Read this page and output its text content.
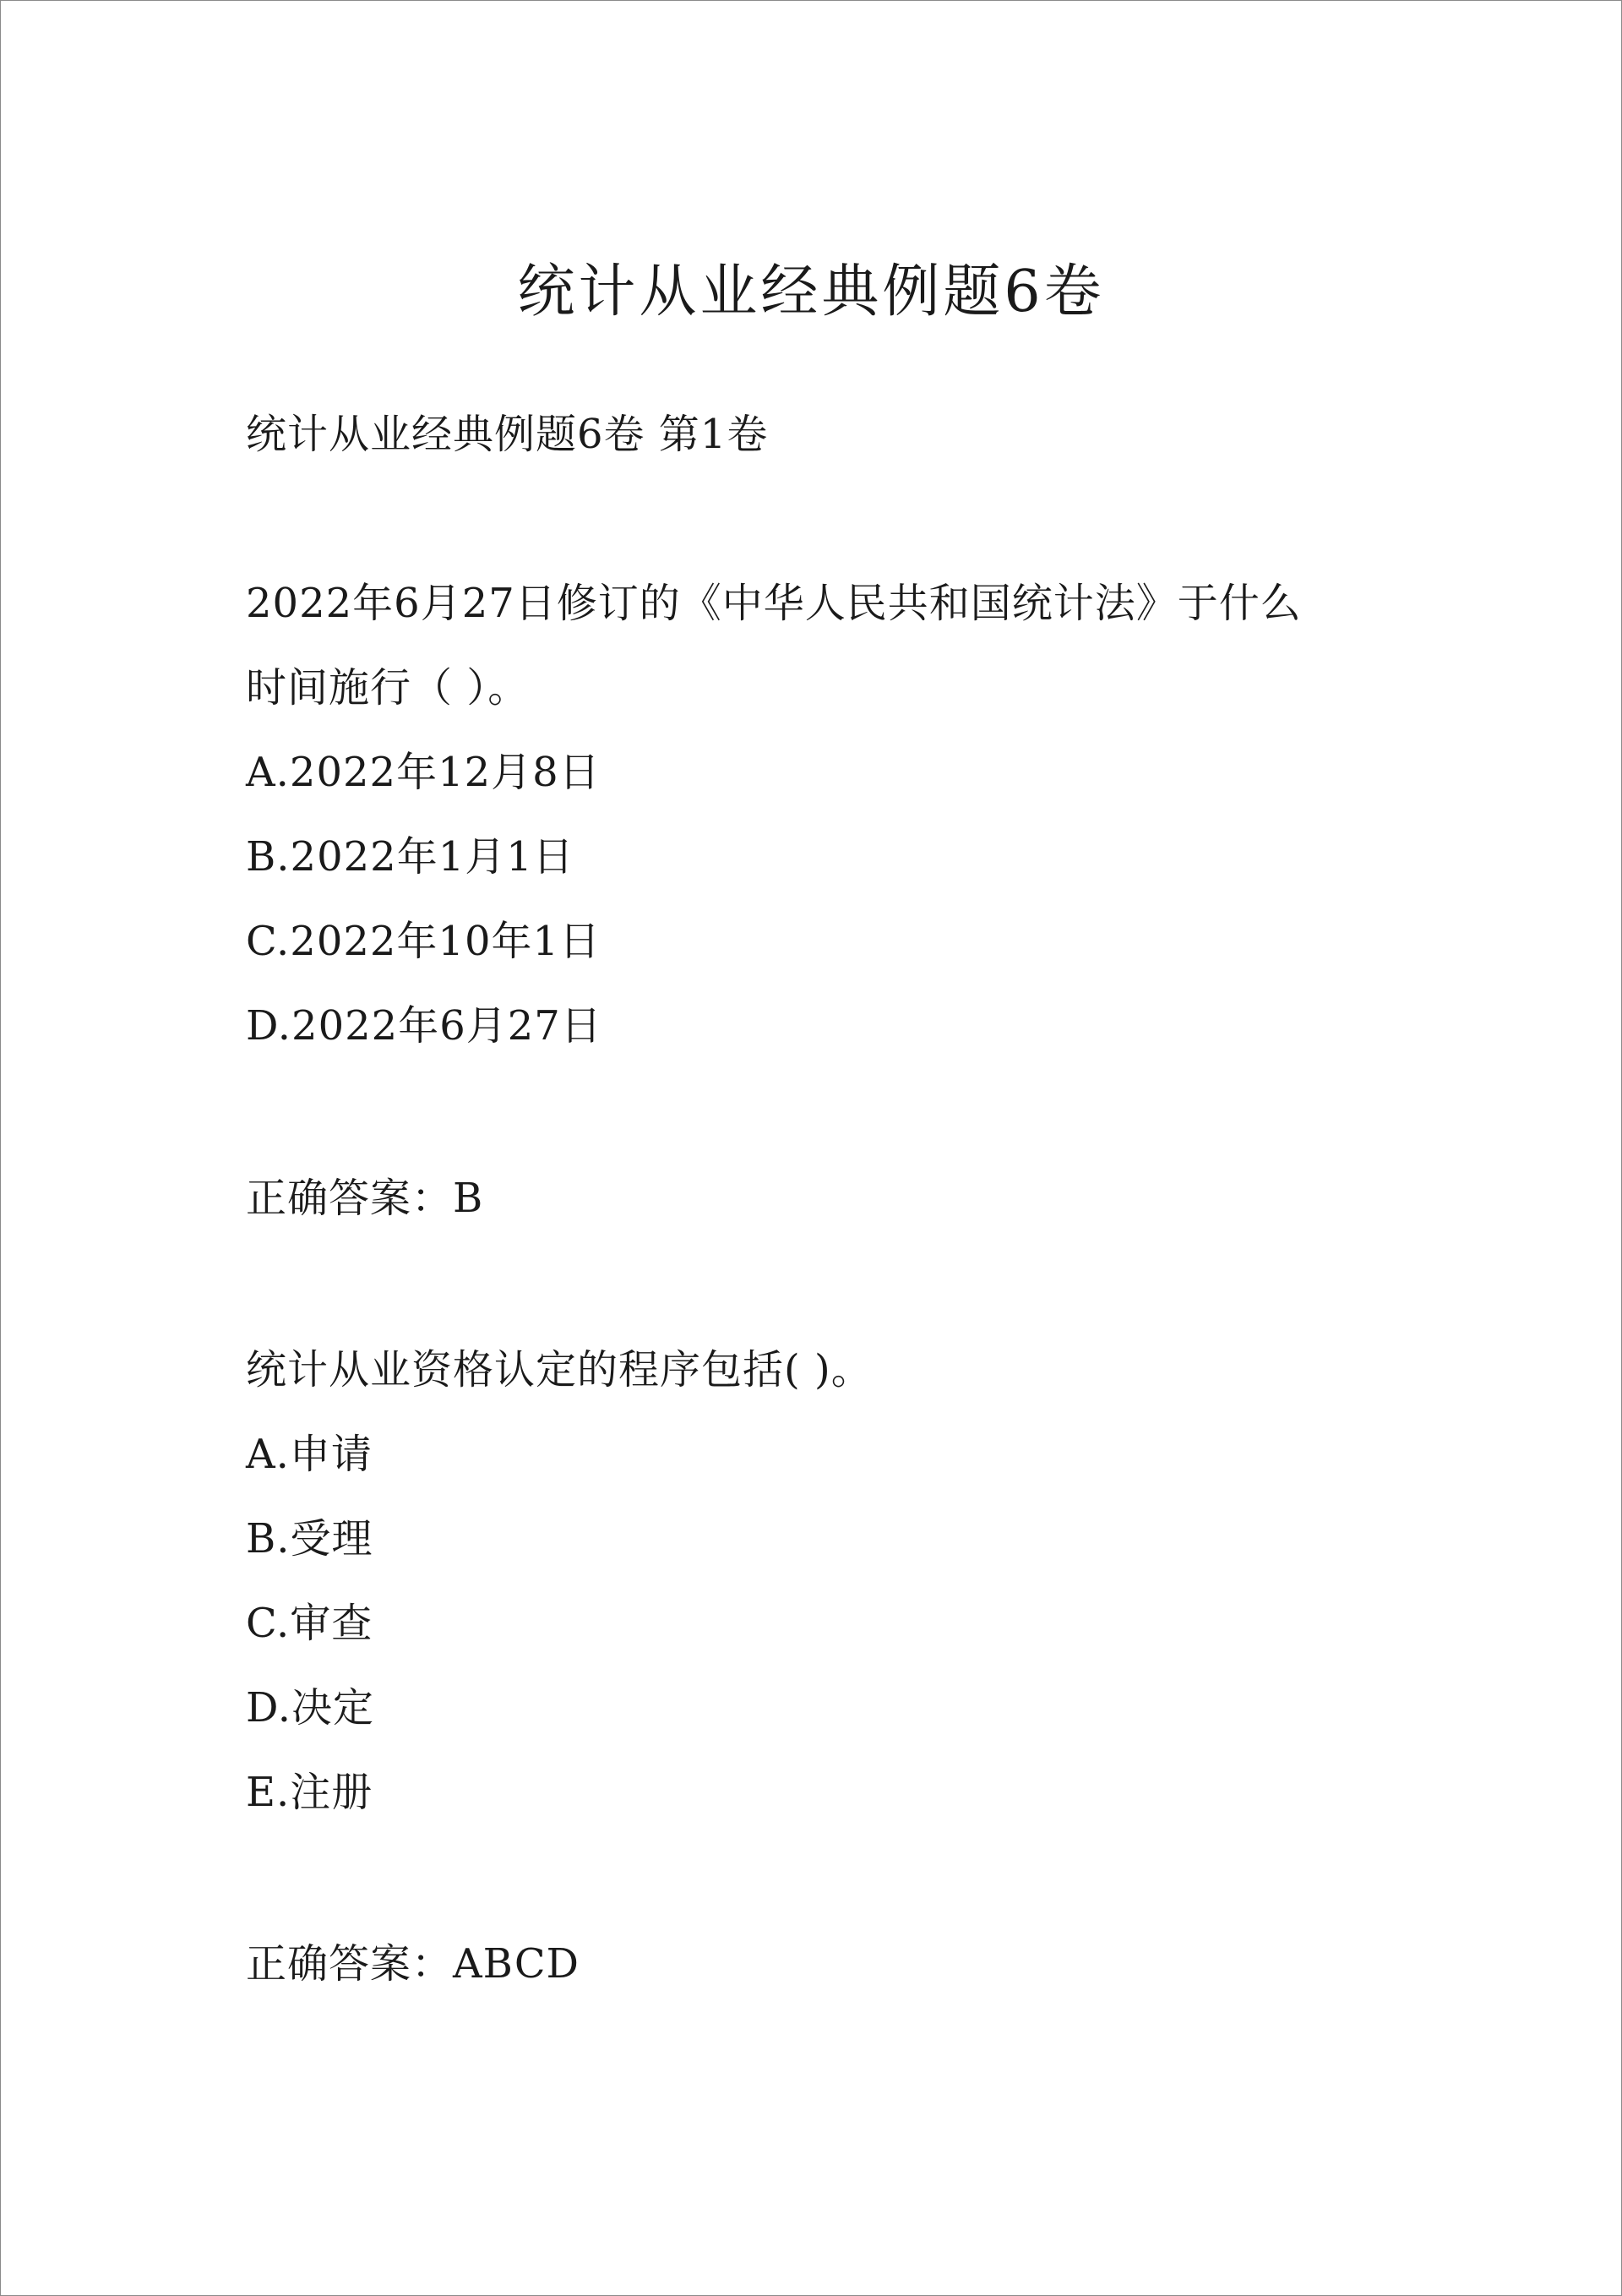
统计从业经典例题6卷
统计从业经典例题6卷 第1卷
2022年6月27日修订的《中华人民共和国统计法》于什么
时间施行（ ）。
A.2022年12月8日
B.2022年1月1日
C.2022年10年1日
D.2022年6月27日
正确答案：B
统计从业资格认定的程序包括( )。
A.申请
B.受理
C.审查
D.决定
E.注册
正确答案：ABCD
